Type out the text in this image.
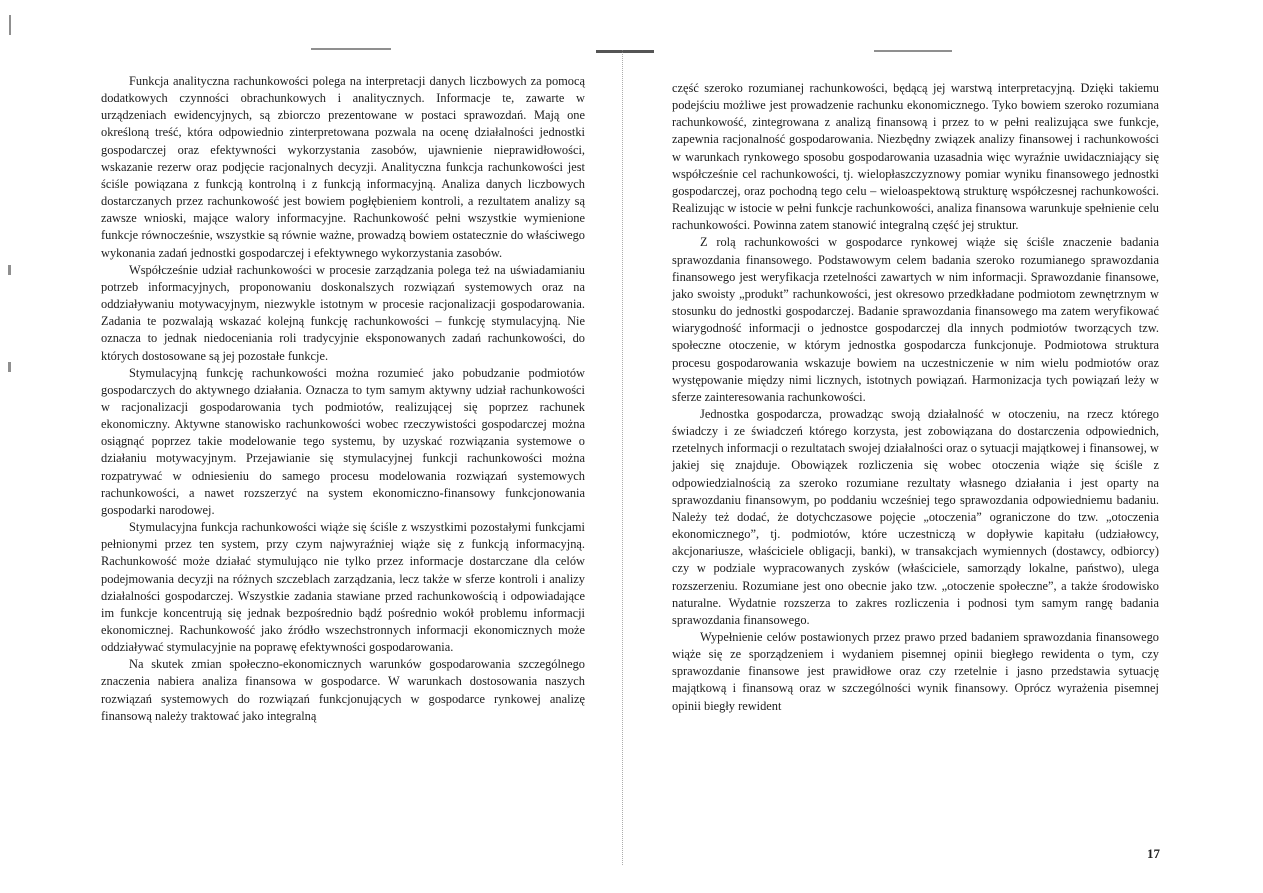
Funkcja analityczna rachunkowości polega na interpretacji danych liczbowych za pomocą dodatkowych czynności obrachunkowych i analitycznych. Informacje te, zawarte w urządzeniach ewidencyjnych, są zbiorczo prezentowane w postaci sprawozdań. Mają one określoną treść, która odpowiednio zinterpretowana pozwala na ocenę działalności jednostki gospodarczej oraz efektywności wykorzystania zasobów, ujawnienie nieprawidłowości, wskazanie rezerw oraz podjęcie racjonalnych decyzji. Analityczna funkcja rachunkowości jest ściśle powiązana z funkcją kontrolną i z funkcją informacyjną. Analiza danych liczbowych dostarczanych przez rachunkowość jest bowiem pogłębieniem kontroli, a rezultatem analizy są zawsze wnioski, mające walory informacyjne. Rachunkowość pełni wszystkie wymienione funkcje równocześnie, wszystkie są równie ważne, prowadzą bowiem ostatecznie do właściwego wykonania zadań jednostki gospodarczej i efektywnego wykorzystania zasobów.

Współcześnie udział rachunkowości w procesie zarządzania polega też na uświadamianiu potrzeb informacyjnych, proponowaniu doskonalszych rozwiązań systemowych oraz na oddziaływaniu motywacyjnym, niezwykle istotnym w procesie racjonalizacji gospodarowania. Zadania te pozwalają wskazać kolejną funkcję rachunkowości – funkcję stymulacyjną. Nie oznacza to jednak niedoceniania roli tradycyjnie eksponowanych zadań rachunkowości, do których dostosowane są jej pozostałe funkcje.

Stymulacyjną funkcję rachunkowości można rozumieć jako pobudzanie podmiotów gospodarczych do aktywnego działania. Oznacza to tym samym aktywny udział rachunkowości w racjonalizacji gospodarowania tych podmiotów, realizującej się poprzez rachunek ekonomiczny. Aktywne stanowisko rachunkowości wobec rzeczywistości gospodarczej można osiągnąć poprzez takie modelowanie tego systemu, by uzyskać rozwiązania systemowe o działaniu motywacyjnym. Przejawianie się stymulacyjnej funkcji rachunkowości można rozpatrywać w odniesieniu do samego procesu modelowania rozwiązań systemowych rachunkowości, a nawet rozszerzyć na system ekonomiczno-finansowy funkcjonowania gospodarki narodowej.

Stymulacyjna funkcja rachunkowości wiąże się ściśle z wszystkimi pozostałymi funkcjami pełnionymi przez ten system, przy czym najwyraźniej wiąże się z funkcją informacyjną. Rachunkowość może działać stymulująco nie tylko przez informacje dostarczane dla celów podejmowania decyzji na różnych szczeblach zarządzania, lecz także w sferze kontroli i analizy działalności gospodarczej. Wszystkie zadania stawiane przed rachunkowością i odpowiadające im funkcje koncentrują się jednak bezpośrednio bądź pośrednio wokół problemu informacji ekonomicznej. Rachunkowość jako źródło wszechstronnych informacji ekonomicznych może oddziaływać stymulacyjnie na poprawę efektywności gospodarowania.

Na skutek zmian społeczno-ekonomicznych warunków gospodarowania szczególnego znaczenia nabiera analiza finansowa w gospodarce. W warunkach dostosowania naszych rozwiązań systemowych do rozwiązań funkcjonujących w gospodarce rynkowej analizę finansową należy traktować jako integralną

część szeroko rozumianej rachunkowości, będącą jej warstwą interpretacyjną. Dzięki takiemu podejściu możliwe jest prowadzenie rachunku ekonomicznego. Tyko bowiem szeroko rozumiana rachunkowość, zintegrowana z analizą finansową i przez to w pełni realizująca swe funkcje, zapewnia racjonalność gospodarowania. Niezbędny związek analizy finansowej i rachunkowości w warunkach rynkowego sposobu gospodarowania uzasadnia więc wyraźnie uwidaczniający się współcześnie cel rachunkowości, tj. wielopłaszczyznowy pomiar wyniku finansowego jednostki gospodarczej, oraz pochodną tego celu – wieloaspektową strukturę współczesnej rachunkowości. Realizując w istocie w pełni funkcje rachunkowości, analiza finansowa warunkuje spełnienie celu rachunkowości. Powinna zatem stanowić integralną część jej struktur.

Z rolą rachunkowości w gospodarce rynkowej wiąże się ściśle znaczenie badania sprawozdania finansowego. Podstawowym celem badania szeroko rozumianego sprawozdania finansowego jest weryfikacja rzetelności zawartych w nim informacji. Sprawozdanie finansowe, jako swoisty „produkt” rachunkowości, jest okresowo przedkładane podmiotom zewnętrznym w stosunku do jednostki gospodarczej. Badanie sprawozdania finansowego ma zatem weryfikować wiarygodność informacji o jednostce gospodarczej dla innych podmiotów tworzących tzw. społeczne otoczenie, w którym jednostka gospodarcza funkcjonuje. Podmiotowa struktura procesu gospodarowania wskazuje bowiem na uczestniczenie w nim wielu podmiotów oraz występowanie między nimi licznych, istotnych powiązań. Harmonizacja tych powiązań leży w sferze zainteresowania rachunkowości.

Jednostka gospodarcza, prowadząc swoją działalność w otoczeniu, na rzecz którego świadczy i ze świadczeń którego korzysta, jest zobowiązana do dostarczenia odpowiednich, rzetelnych informacji o rezultatach swojej działalności oraz o sytuacji majątkowej i finansowej, w jakiej się znajduje. Obowiązek rozliczenia się wobec otoczenia wiąże się ściśle z odpowiedzialnością za szeroko rozumiane rezultaty własnego działania i jest oparty na sprawozdaniu finansowym, po poddaniu wcześniej tego sprawozdania odpowiedniemu badaniu. Należy też dodać, że dotychczasowe pojęcie „otoczenia” ograniczone do tzw. „otoczenia ekonomicznego”, tj. podmiotów, które uczestniczą w dopływie kapitału (udziałowcy, akcjonariusze, właściciele obligacji, banki), w transakcjach wymiennych (dostawcy, odbiorcy) czy w podziale wypracowanych zysków (właściciele, samorządy lokalne, państwo), ulega rozszerzeniu. Rozumiane jest ono obecnie jako tzw. „otoczenie społeczne”, a także środowisko naturalne. Wydatnie rozszerza to zakres rozliczenia i podnosi tym samym rangę badania sprawozdania finansowego.

Wypełnienie celów postawionych przez prawo przed badaniem sprawozdania finansowego wiąże się ze sporządzeniem i wydaniem pisemnej opinii biegłego rewidenta o tym, czy sprawozdanie finansowe jest prawidłowe oraz czy rzetelnie i jasno przedstawia sytuację majątkową i finansową oraz w szczególności wynik finansowy. Oprócz wyrażenia pisemnej opinii biegły rewident

17
